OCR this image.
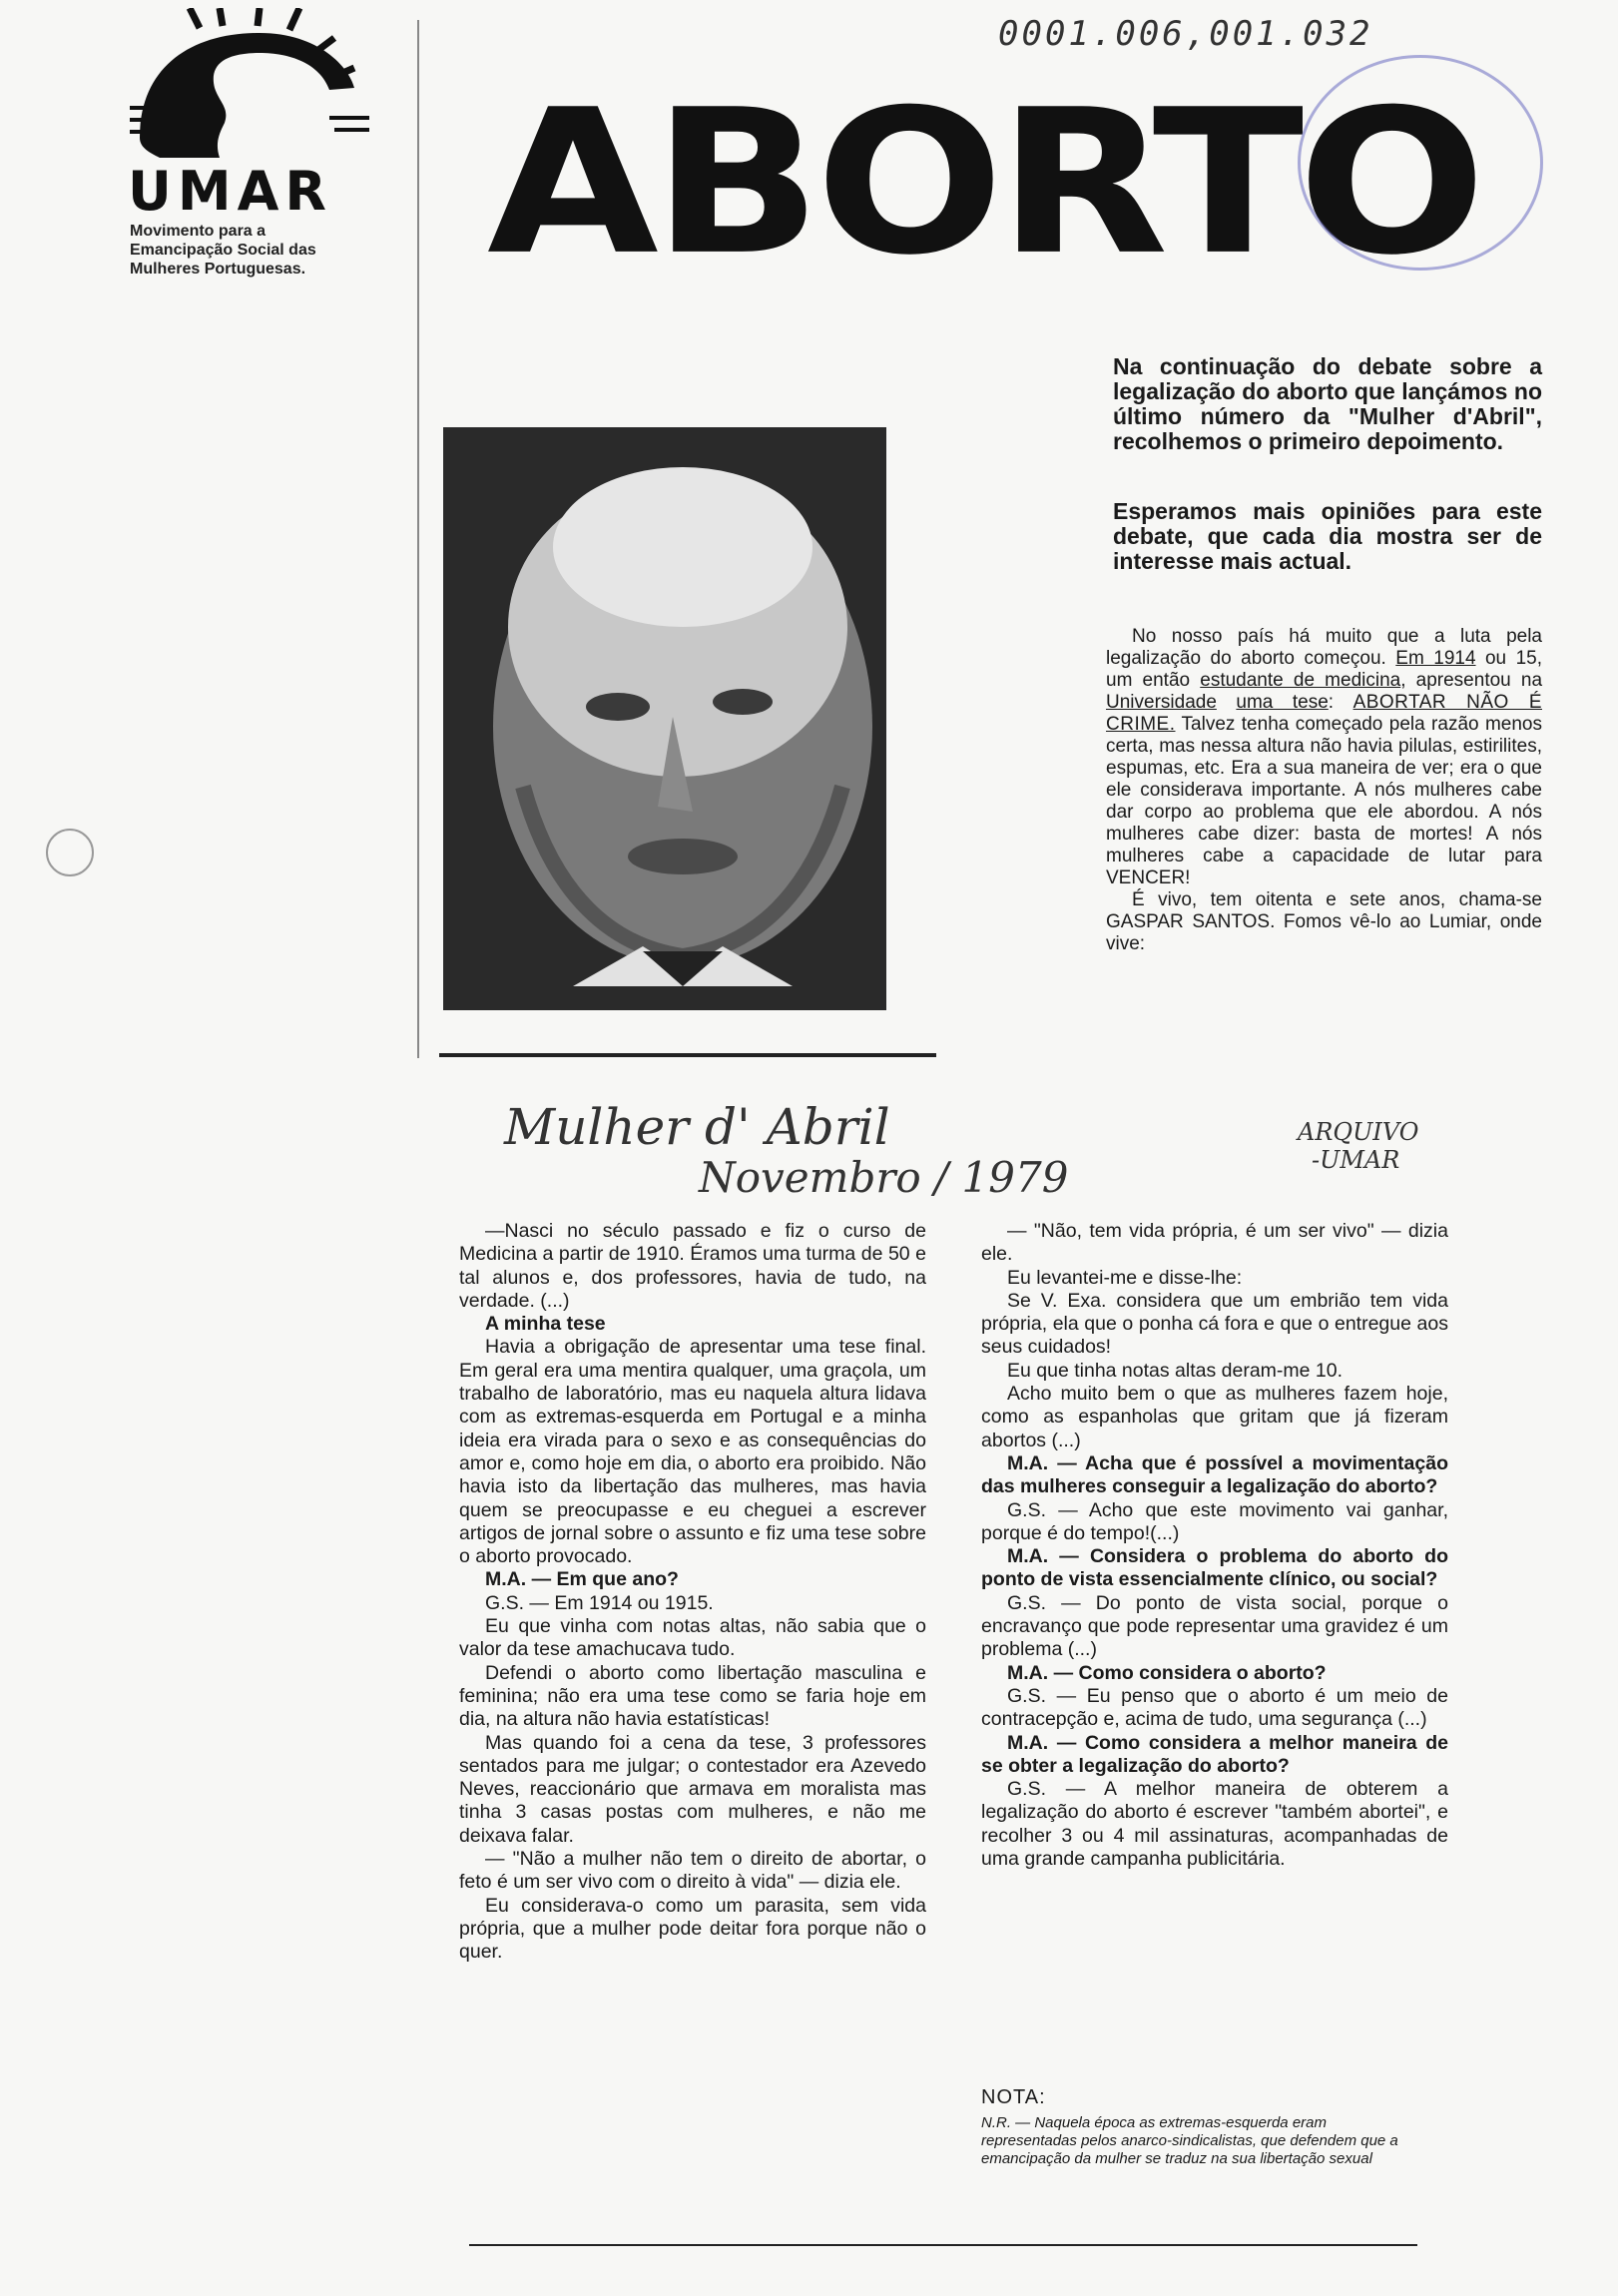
UMAR
Movimento para a
Emancipação Social das
Mulheres Portuguesas.
0001.006,001.032
ABORTO
Na continuação do debate sobre a legalização do aborto que lançámos no último número da "Mulher d'Abril", recolhemos o primeiro depoimento.
Esperamos mais opiniões para este debate, que cada dia mostra ser de interesse mais actual.

No nosso país há muito que a luta pela legalização do aborto começou. Em 1914 ou 15, um então estudante de medicina, apresentou na Universidade uma tese: ABORTAR NÃO É CRIME. Talvez tenha começado pela razão menos certa, mas nessa altura não havia pilulas, estirilites, espumas, etc. Era a sua maneira de ver; era o que ele considerava importante. A nós mulheres cabe dar corpo ao problema que ele abordou. A nós mulheres cabe dizer: basta de mortes! A nós mulheres cabe a capacidade de lutar para VENCER!

É vivo, tem oitenta e sete anos, chama-se GASPAR SANTOS. Fomos vê-lo ao Lumiar, onde vive:

Mulher d' Abril
Novembro / 1979
ARQUIVO
-UMAR

—Nasci no século passado e fiz o curso de Medicina a partir de 1910. Éramos uma turma de 50 e tal alunos e, dos professores, havia de tudo, na verdade. (...)

A minha tese

Havia a obrigação de apresentar uma tese final. Em geral era uma mentira qualquer, uma graçola, um trabalho de laboratório, mas eu naquela altura lidava com as extremas-esquerda em Portugal e a minha ideia era virada para o sexo e as consequências do amor e, como hoje em dia, o aborto era proibido. Não havia isto da libertação das mulheres, mas havia quem se preocupasse e eu cheguei a escrever artigos de jornal sobre o assunto e fiz uma tese sobre o aborto provocado.

M.A. — Em que ano?

G.S. — Em 1914 ou 1915.

Eu que vinha com notas altas, não sabia que o valor da tese amachucava tudo.

Defendi o aborto como libertação masculina e feminina; não era uma tese como se faria hoje em dia, na altura não havia estatísticas!

Mas quando foi a cena da tese, 3 professores sentados para me julgar; o contestador era Azevedo Neves, reaccionário que armava em moralista mas tinha 3 casas postas com mulheres, e não me deixava falar.

— "Não a mulher não tem o direito de abortar, o feto é um ser vivo com o direito à vida" — dizia ele.

Eu considerava-o como um parasita, sem vida própria, que a mulher pode deitar fora porque não o quer.

— "Não, tem vida própria, é um ser vivo" — dizia ele.

Eu levantei-me e disse-lhe:

Se V. Exa. considera que um embrião tem vida própria, ela que o ponha cá fora e que o entregue aos seus cuidados!

Eu que tinha notas altas deram-me 10.

Acho muito bem o que as mulheres fazem hoje, como as espanholas que gritam que já fizeram abortos (...)

M.A. — Acha que é possível a movimentação das mulheres conseguir a legalização do aborto?

G.S. — Acho que este movimento vai ganhar, porque é do tempo!(...)

M.A. — Considera o problema do aborto do ponto de vista essencialmente clínico, ou social?

G.S. — Do ponto de vista social, porque o encravanço que pode representar uma gravidez é um problema (...)

M.A. — Como considera o aborto?

G.S. — Eu penso que o aborto é um meio de contracepção e, acima de tudo, uma segurança (...)

M.A. — Como considera a melhor maneira de se obter a legalização do aborto?

G.S. — A melhor maneira de obterem a legalização do aborto é escrever "também abortei", e recolher 3 ou 4 mil assinaturas, acompanhadas de uma grande campanha publicitária.

NOTA:
N.R. — Naquela época as extremas-esquerda eram representadas pelos anarco-sindicalistas, que defendem que a emancipação da mulher se traduz na sua libertação sexual
